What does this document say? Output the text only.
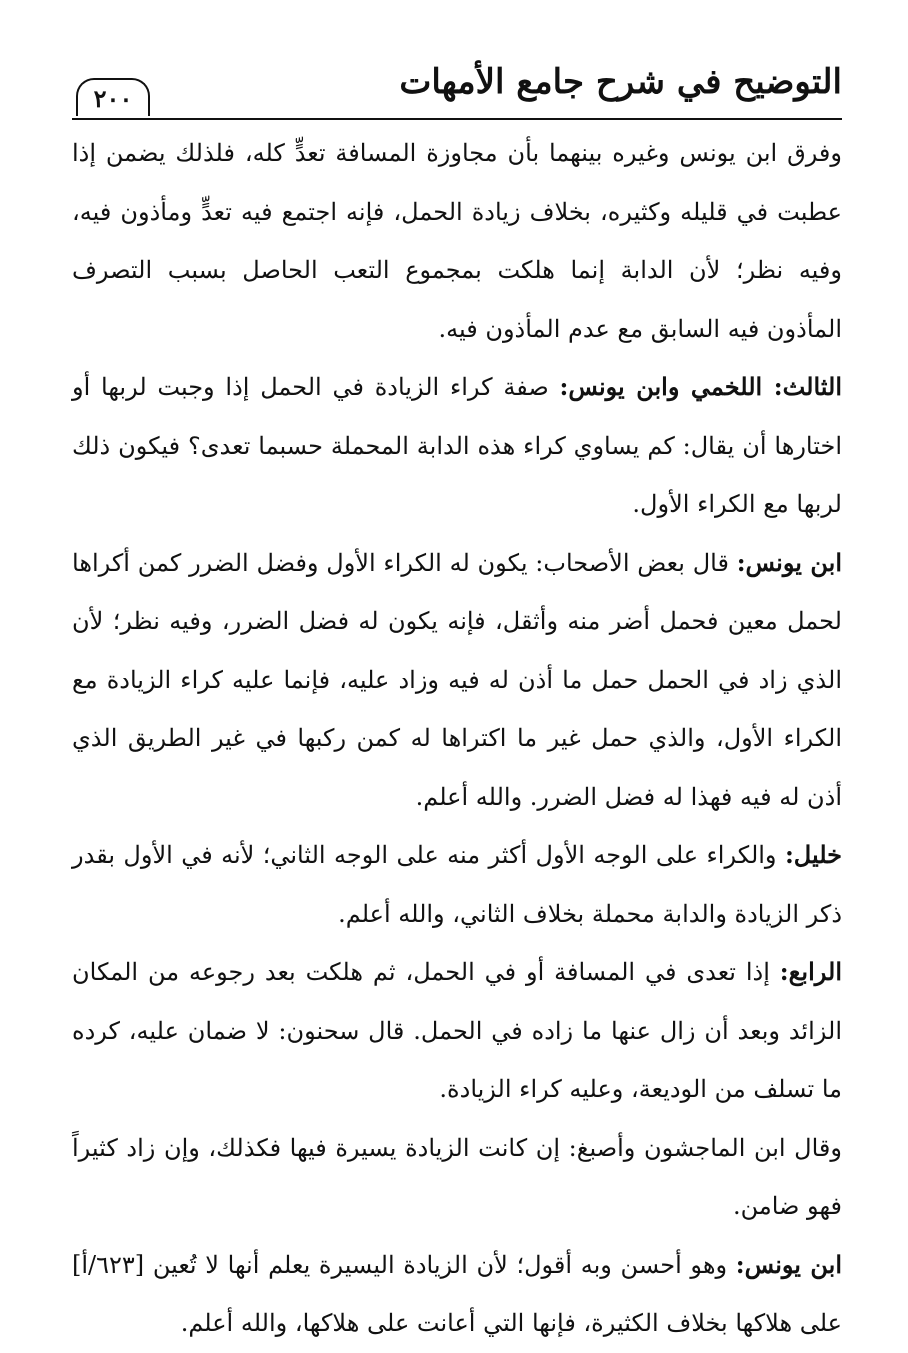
التوضيح في شرح جامع الأمهات
٢٠٠

وفرق ابن يونس وغيره بينهما بأن مجاوزة المسافة تعدٍّ كله، فلذلك يضمن إذا عطبت في قليله وكثيره، بخلاف زيادة الحمل، فإنه اجتمع فيه تعدٍّ ومأذون فيه، وفيه نظر؛ لأن الدابة إنما هلكت بمجموع التعب الحاصل بسبب التصرف المأذون فيه السابق مع عدم المأذون فيه.

الثالث: اللخمي وابن يونس: صفة كراء الزيادة في الحمل إذا وجبت لربها أو اختارها أن يقال: كم يساوي كراء هذه الدابة المحملة حسبما تعدى؟ فيكون ذلك لربها مع الكراء الأول.

ابن يونس: قال بعض الأصحاب: يكون له الكراء الأول وفضل الضرر كمن أكراها لحمل معين فحمل أضر منه وأثقل، فإنه يكون له فضل الضرر، وفيه نظر؛ لأن الذي زاد في الحمل حمل ما أذن له فيه وزاد عليه، فإنما عليه كراء الزيادة مع الكراء الأول، والذي حمل غير ما اكتراها له كمن ركبها في غير الطريق الذي أذن له فيه فهذا له فضل الضرر. والله أعلم.

خليل: والكراء على الوجه الأول أكثر منه على الوجه الثاني؛ لأنه في الأول بقدر ذكر الزيادة والدابة محملة بخلاف الثاني، والله أعلم.

الرابع: إذا تعدى في المسافة أو في الحمل، ثم هلكت بعد رجوعه من المكان الزائد وبعد أن زال عنها ما زاده في الحمل. قال سحنون: لا ضمان عليه، كرده ما تسلف من الوديعة، وعليه كراء الزيادة.

وقال ابن الماجشون وأصبغ: إن كانت الزيادة يسيرة فيها فكذلك، وإن زاد كثيراً فهو ضامن.

ابن يونس: وهو أحسن وبه أقول؛ لأن الزيادة اليسيرة يعلم أنها لا تُعين [٦٢٣/أ] على هلاكها بخلاف الكثيرة، فإنها التي أعانت على هلاكها، والله أعلم.
